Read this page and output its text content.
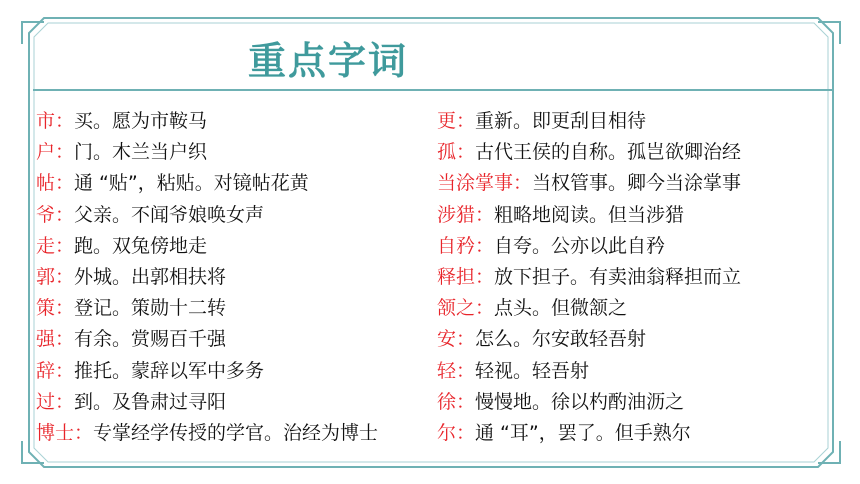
重点字词
市：买。愿为市鞍马
户：门。木兰当户织
帖：通 “贴”，粘贴。对镜帖花黄
爷：父亲。不闻爷娘唤女声
走：跑。双兔傍地走
郭：外城。出郭相扶将
策：登记。策勋十二转
强：有余。赏赐百千强
辞：推托。蒙辞以军中多务
过：到。及鲁肃过寻阳
博士：专掌经学传授的学官。治经为博士
更：重新。即更刮目相待
孤：古代王侯的自称。孤岂欲卿治经
当涂掌事：当权管事。卿今当涂掌事
涉猎：粗略地阅读。但当涉猎
自矜：自夸。公亦以此自矜
释担：放下担子。有卖油翁释担而立
颔之：点头。但微颔之
安：怎么。尔安敢轻吾射
轻：轻视。轻吾射
徐：慢慢地。徐以杓酌油沥之
尔：通 “耳”，罢了。但手熟尔
